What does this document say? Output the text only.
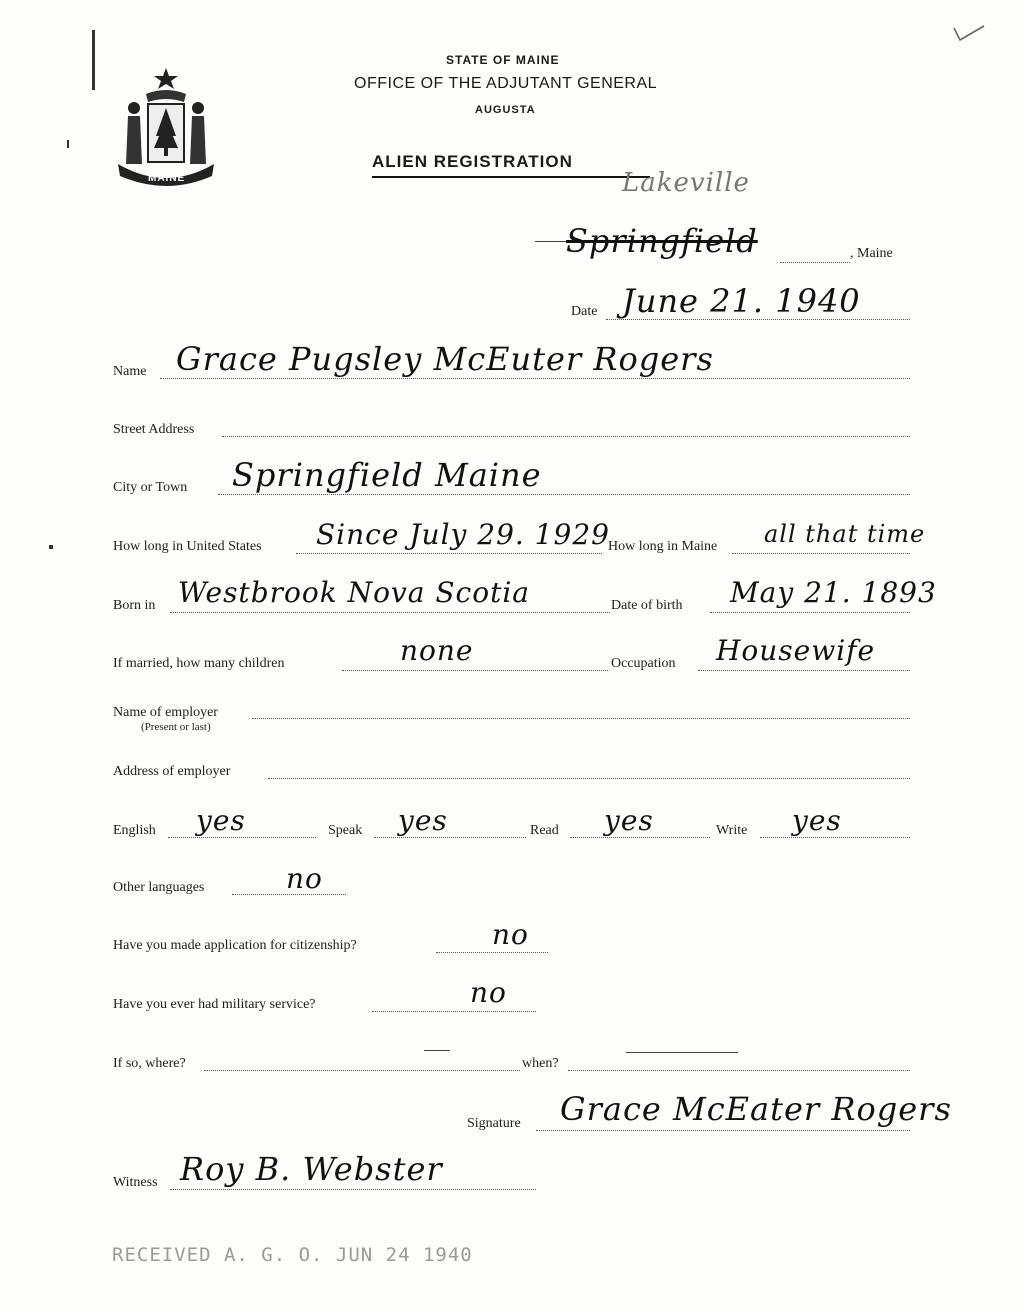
MAINE
STATE OF MAINE
OFFICE OF THE ADJUTANT GENERAL
AUGUSTA
ALIEN REGISTRATION
Lakeville
Springfield	, Maine
Date June 21. 1940
Name Grace Pugsley McEuter Rogers
Street Address
City or Town Springfield Maine
How long in United States Since July 29. 1929
How long in Maine all that time
Born in Westbrook Nova Scotia	Date of birth May 21. 1893
If married, how many children	none	Occupation Housewife
Name of employer
(Present or last)
Address of employer
English yes	Speak yes	Read yes	Write yes
Other languages	no
Have you made application for citizenship?	no
Have you ever had military service?	no
If so, where?	when?
Signature Grace McEater Rogers
Witness Roy B. Webster
RECEIVED A. G. O. JUN 24 1940
